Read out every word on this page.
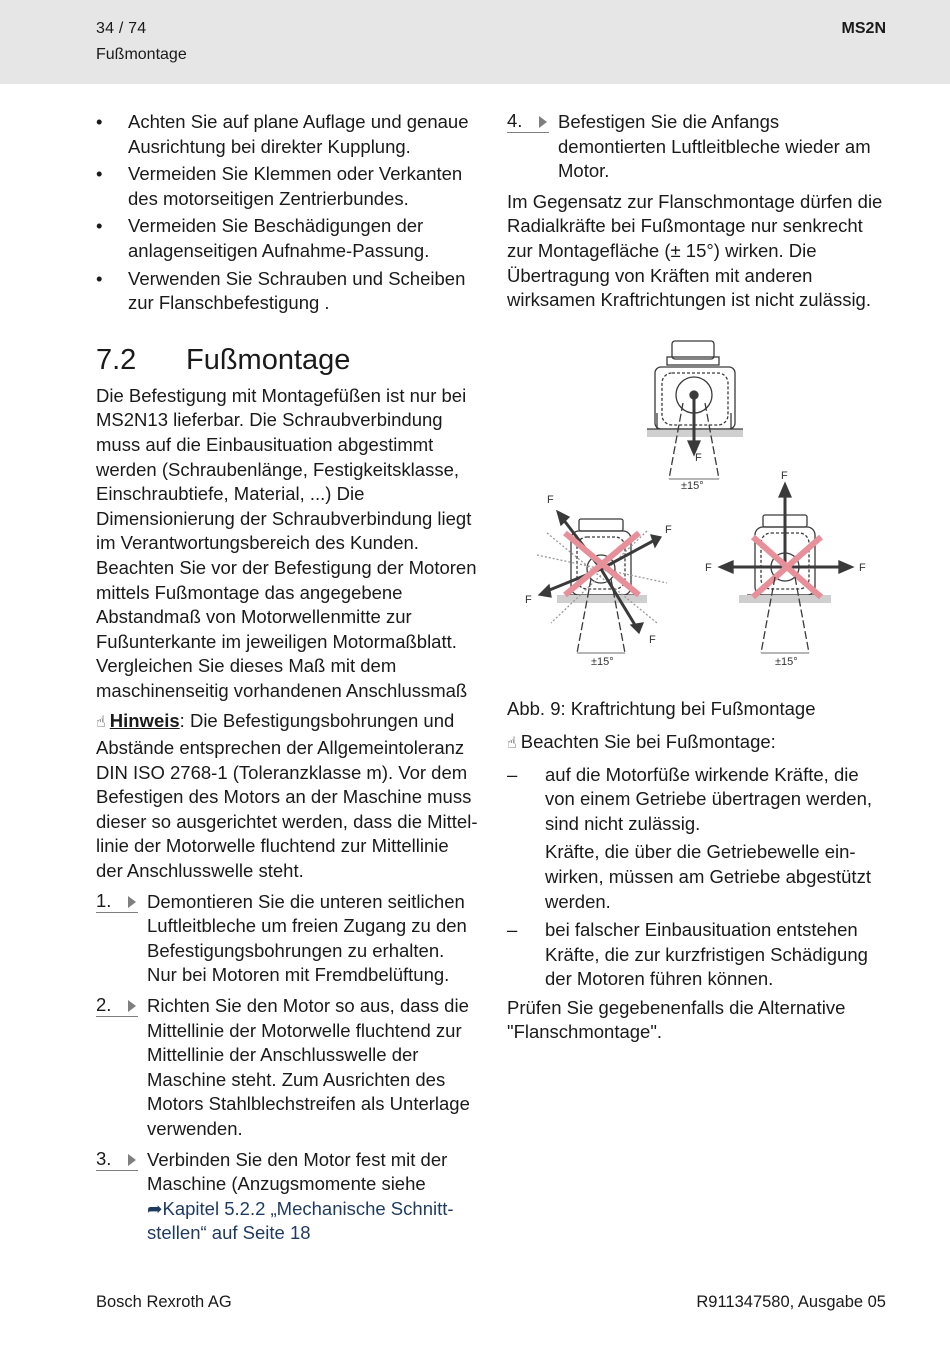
34 / 74
Fußmontage
MS2N
• Achten Sie auf plane Auflage und genaue Ausrichtung bei direkter Kupplung.
• Vermeiden Sie Klemmen oder Verkanten des motorseitigen Zentrierbundes.
• Vermeiden Sie Beschädigungen der anlagenseitigen Aufnahme-Passung.
• Verwenden Sie Schrauben und Scheiben zur Flanschbefestigung .
7.2	Fußmontage

Die Befestigung mit Montagefüßen ist nur bei MS2N13 lieferbar. Die Schraubverbindung muss auf die Einbausituation abgestimmt werden (Schraubenlänge, Festigkeitsklasse, Einschraubtiefe, Material, ...) Die Dimensionierung der Schraubverbindung liegt im Verantwortungsbereich des Kunden. Beachten Sie vor der Befestigung der Motoren mittels Fußmontage das angegebene Abstandmaß von Motorwellenmitte zur Fußunterkante im jeweiligen Motormaßblatt. Vergleichen Sie dieses Maß mit dem maschinenseitig vorhandenen Anschlussmaß

☝ Hinweis: Die Befestigungsbohrungen und Abstände entsprechen der Allgemeintoleranz DIN ISO 2768-1 (Toleranzklasse m). Vor dem Befestigen des Motors an der Maschine muss dieser so ausgerichtet werden, dass die Mittellinie der Motorwelle fluchtend zur Mittellinie der Anschlusswelle steht.

1.	Demontieren Sie die unteren seitlichen Luftleitbleche um freien Zugang zu den Befestigungsbohrungen zu erhalten. Nur bei Motoren mit Fremdbelüftung.
2.	Richten Sie den Motor so aus, dass die Mittellinie der Motorwelle fluchtend zur Mittellinie der Anschlusswelle der Maschine steht. Zum Ausrichten des Motors Stahlblechstreifen als Unterlage verwenden.
3.	Verbinden Sie den Motor fest mit der Maschine (Anzugsmomente siehe ➦Kapitel 5.2.2 „Mechanische Schnittstellen“ auf Seite 18
4.	Befestigen Sie die Anfangs demontierten Luftleitbleche wieder am Motor.

Im Gegensatz zur Flanschmontage dürfen die Radialkräfte bei Fußmontage nur senkrecht zur Montagefläche (± 15°) wirken. Die Übertragung von Kräften mit anderen wirksamen Kraftrichtungen ist nicht zulässig.

F
±15°
F
F
F
F
±15°
F
F	F
±15°

Abb. 9: Kraftrichtung bei Fußmontage

☝ Beachten Sie bei Fußmontage:

– auf die Motorfüße wirkende Kräfte, die von einem Getriebe übertragen werden, sind nicht zulässig.
Kräfte, die über die Getriebewelle einwirken, müssen am Getriebe abgestützt werden.
– bei falscher Einbausituation entstehen Kräfte, die zur kurzfristigen Schädigung der Motoren führen können.

Prüfen Sie gegebenenfalls die Alternative "Flanschmontage".

Bosch Rexroth AG	R911347580, Ausgabe 05
